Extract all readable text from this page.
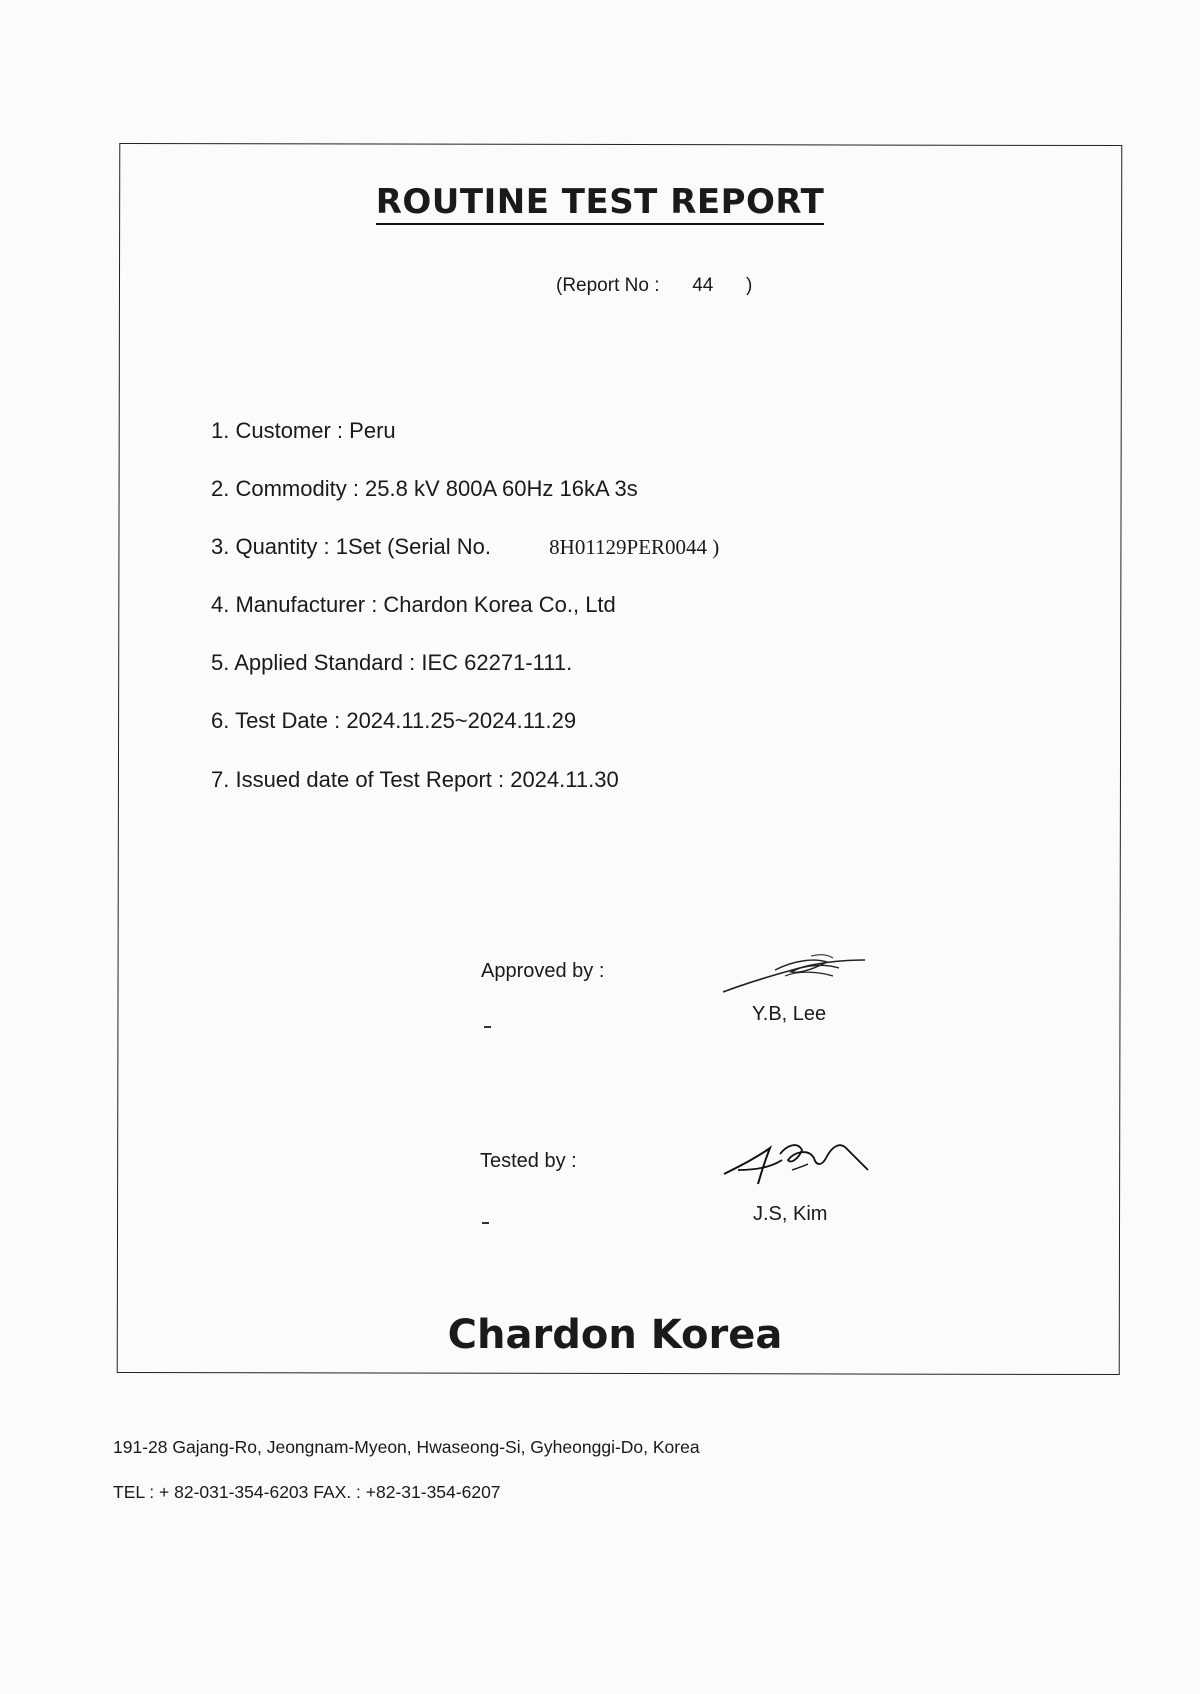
ROUTINE TEST REPORT
(Report No : 44 )
1. Customer : Peru
2. Commodity : 25.8 kV 800A 60Hz 16kA 3s
3. Quantity : 1Set (Serial No.	8H01129PER0044 )
4. Manufacturer : Chardon Korea Co., Ltd
5. Applied Standard : IEC 62271-111.
6. Test Date : 2024.11.25~2024.11.29
7. Issued date of Test Report : 2024.11.30
Approved by :
Y.B, Lee
Tested by :
J.S, Kim
Chardon Korea
191-28 Gajang-Ro, Jeongnam-Myeon, Hwaseong-Si, Gyheonggi-Do, Korea
TEL : + 82-031-354-6203 FAX. : +82-31-354-6207
